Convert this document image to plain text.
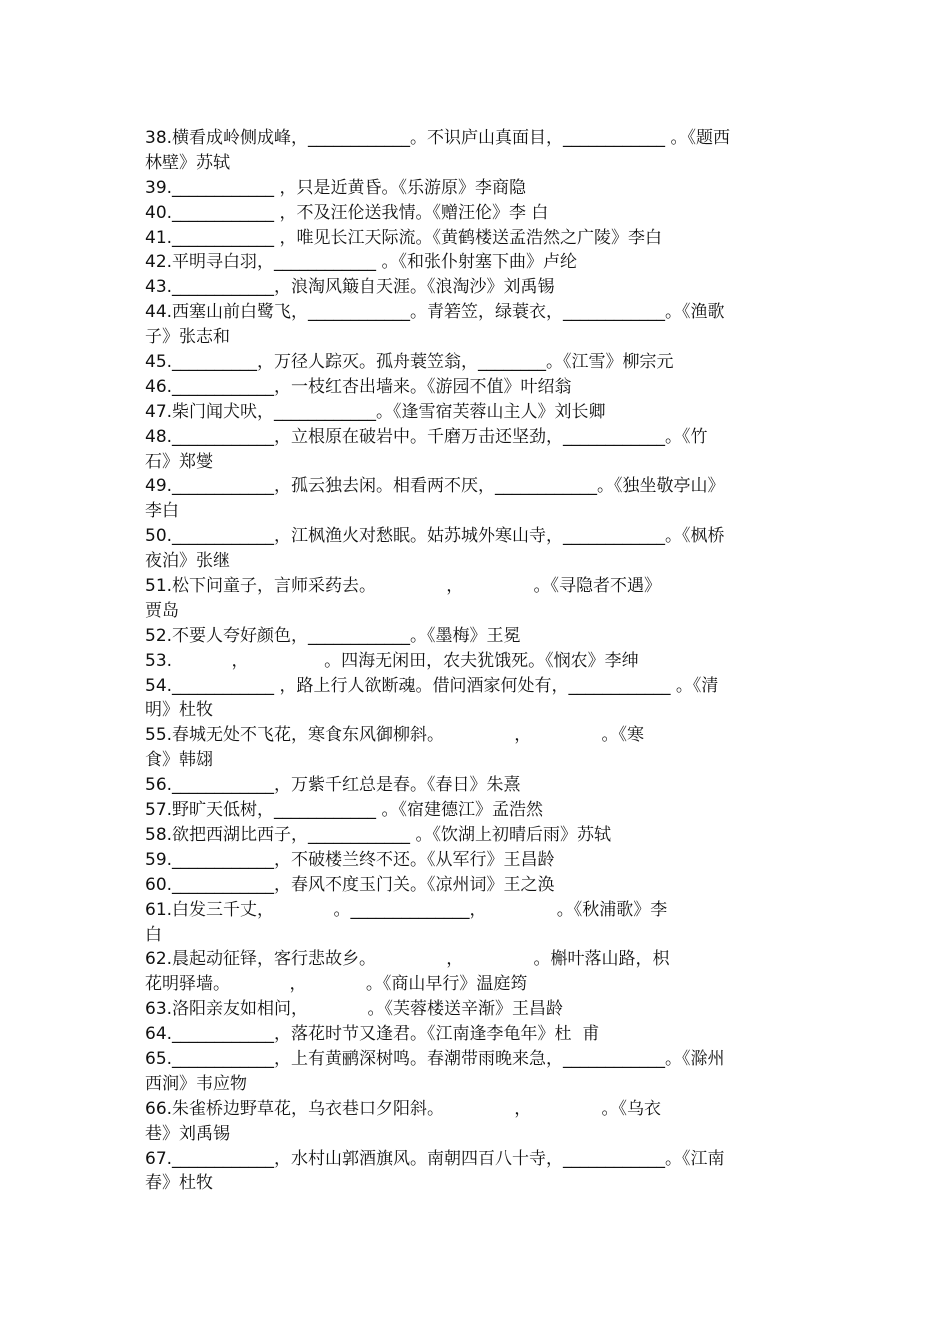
38.横看成岭侧成峰，____________。不识庐山真面目，____________ 。《题西

林壁》苏轼

39.____________ ，只是近黄昏。《乐游原》李商隐

40.____________ ，不及汪伦送我情。《赠汪伦》李 白

41.____________ ，唯见长江天际流。《黄鹤楼送孟浩然之广陵》李白

42.平明寻白羽，____________ 。《和张仆射塞下曲》卢纶

43.____________，浪淘风簸自天涯。《浪淘沙》刘禹锡

44.西塞山前白鹭飞，____________。青箬笠，绿蓑衣，____________。《渔歌

子》张志和

45.__________，万径人踪灭。孤舟蓑笠翁，________。《江雪》柳宗元

46.____________，一枝红杏出墙来。《游园不值》叶绍翁

47.柴门闻犬吠，____________。《逢雪宿芙蓉山主人》刘长卿

48.____________，立根原在破岩中。千磨万击还坚劲，____________。《竹

石》郑燮

49.____________，孤云独去闲。相看两不厌，____________。《独坐敬亭山》

李白

50.____________，江枫渔火对愁眠。姑苏城外寒山寺，____________。《枫桥

夜泊》张继

51.松下问童子，言师采药去。             ，             。《寻隐者不遇》

贾岛

52.不要人夸好颜色，____________。《墨梅》王冕

53.           ，              。四海无闲田，农夫犹饿死。《悯农》李绅

54.____________ ，路上行人欲断魂。借问酒家何处有，____________ 。《清

明》杜牧

55.春城无处不飞花，寒食东风御柳斜。             ，             。《寒

食》韩翃

56.____________，万紫千红总是春。《春日》朱熹

57.野旷天低树，____________ 。《宿建德江》孟浩然

58.欲把西湖比西子，____________ 。《饮湖上初晴后雨》苏轼

59.____________，不破楼兰终不还。《从军行》王昌龄

60.____________，春风不度玉门关。《凉州词》王之涣

61.白发三千丈，           。______________，             。《秋浦歌》李

白

62.晨起动征铎，客行悲故乡。             ，             。槲叶落山路，枳

花明驿墙。           ，           。《商山早行》温庭筠

63.洛阳亲友如相问，           。《芙蓉楼送辛渐》王昌龄

64.____________，落花时节又逢君。《江南逢李龟年》杜  甫

65.____________，上有黄鹂深树鸣。春潮带雨晚来急，____________。《滁州

西涧》韦应物

66.朱雀桥边野草花，乌衣巷口夕阳斜。             ，             。《乌衣

巷》刘禹锡

67.____________，水村山郭酒旗风。南朝四百八十寺，____________。《江南

春》杜牧
